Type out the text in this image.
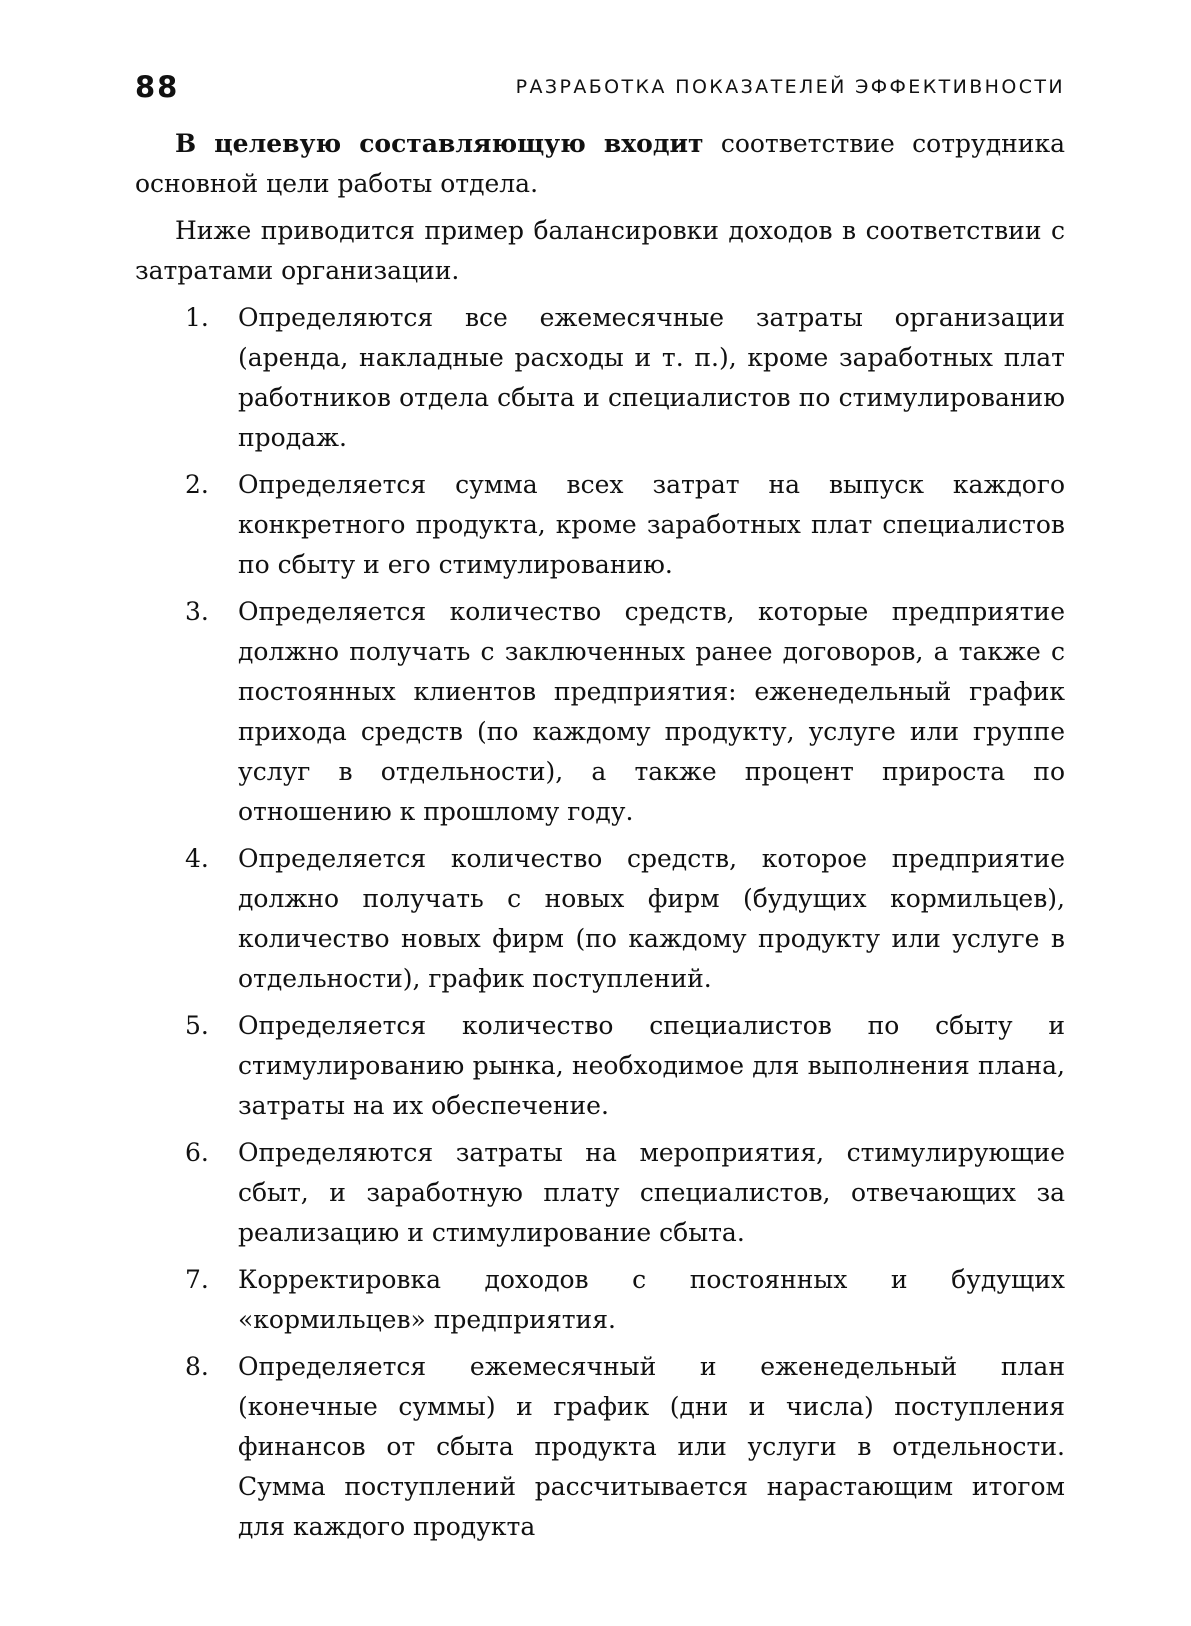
88	РАЗРАБОТКА ПОКАЗАТЕЛЕЙ ЭФФЕКТИВНОСТИ

В целевую составляющую входит соответствие сотрудника основной цели работы отдела.

Ниже приводится пример балансировки доходов в соответствии с затратами организации.

1. Определяются все ежемесячные затраты организации (аренда, накладные расходы и т. п.), кроме заработных плат работников отдела сбыта и специалистов по стимулированию продаж.
2. Определяется сумма всех затрат на выпуск каждого конкретного продукта, кроме заработных плат специалистов по сбыту и его стимулированию.
3. Определяется количество средств, которые предприятие должно получать с заключенных ранее договоров, а также с постоянных клиентов предприятия: еженедельный график прихода средств (по каждому продукту, услуге или группе услуг в отдельности), а также процент прироста по отношению к прошлому году.
4. Определяется количество средств, которое предприятие должно получать с новых фирм (будущих кормильцев), количество новых фирм (по каждому продукту или услуге в отдельности), график поступлений.
5. Определяется количество специалистов по сбыту и стимулированию рынка, необходимое для выполнения плана, затраты на их обеспечение.
6. Определяются затраты на мероприятия, стимулирующие сбыт, и заработную плату специалистов, отвечающих за реализацию и стимулирование сбыта.
7. Корректировка доходов с постоянных и будущих «кормильцев» предприятия.
8. Определяется ежемесячный и еженедельный план (конечные суммы) и график (дни и числа) поступления финансов от сбыта продукта или услуги в отдельности. Сумма поступлений рассчитывается нарастающим итогом для каждого продукта
